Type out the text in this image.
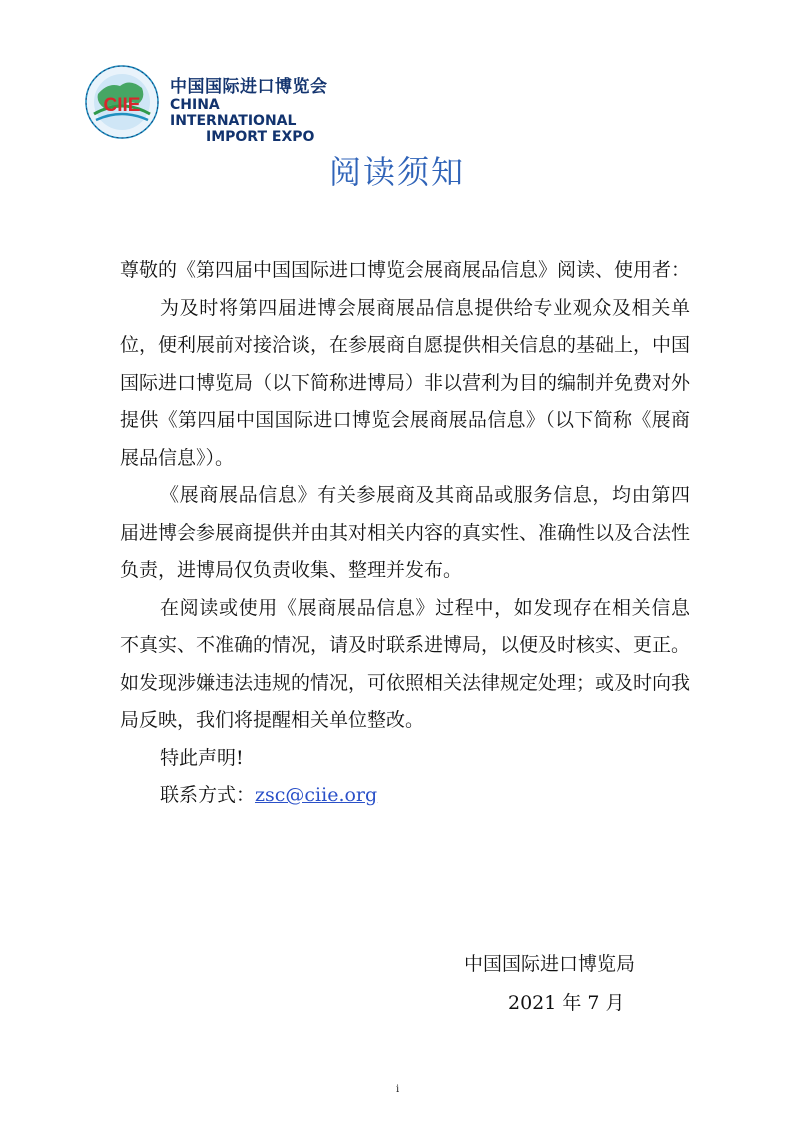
CIIE
中国国际进口博览会
CHINA INTERNATIONAL
IMPORT EXPO
阅读须知

尊敬的《第四届中国国际进口博览会展商展品信息》阅读、使用者：

为及时将第四届进博会展商展品信息提供给专业观众及相关单位，便利展前对接洽谈，在参展商自愿提供相关信息的基础上，中国国际进口博览局（以下简称进博局）非以营利为目的编制并免费对外提供《第四届中国国际进口博览会展商展品信息》（以下简称《展商展品信息》）。

《展商展品信息》有关参展商及其商品或服务信息，均由第四届进博会参展商提供并由其对相关内容的真实性、准确性以及合法性负责，进博局仅负责收集、整理并发布。

在阅读或使用《展商展品信息》过程中，如发现存在相关信息不真实、不准确的情况，请及时联系进博局，以便及时核实、更正。如发现涉嫌违法违规的情况，可依照相关法律规定处理；或及时向我局反映，我们将提醒相关单位整改。

特此声明!

联系方式：zsc@ciie.org

中国国际进口博览局
2021 年 7 月
i
